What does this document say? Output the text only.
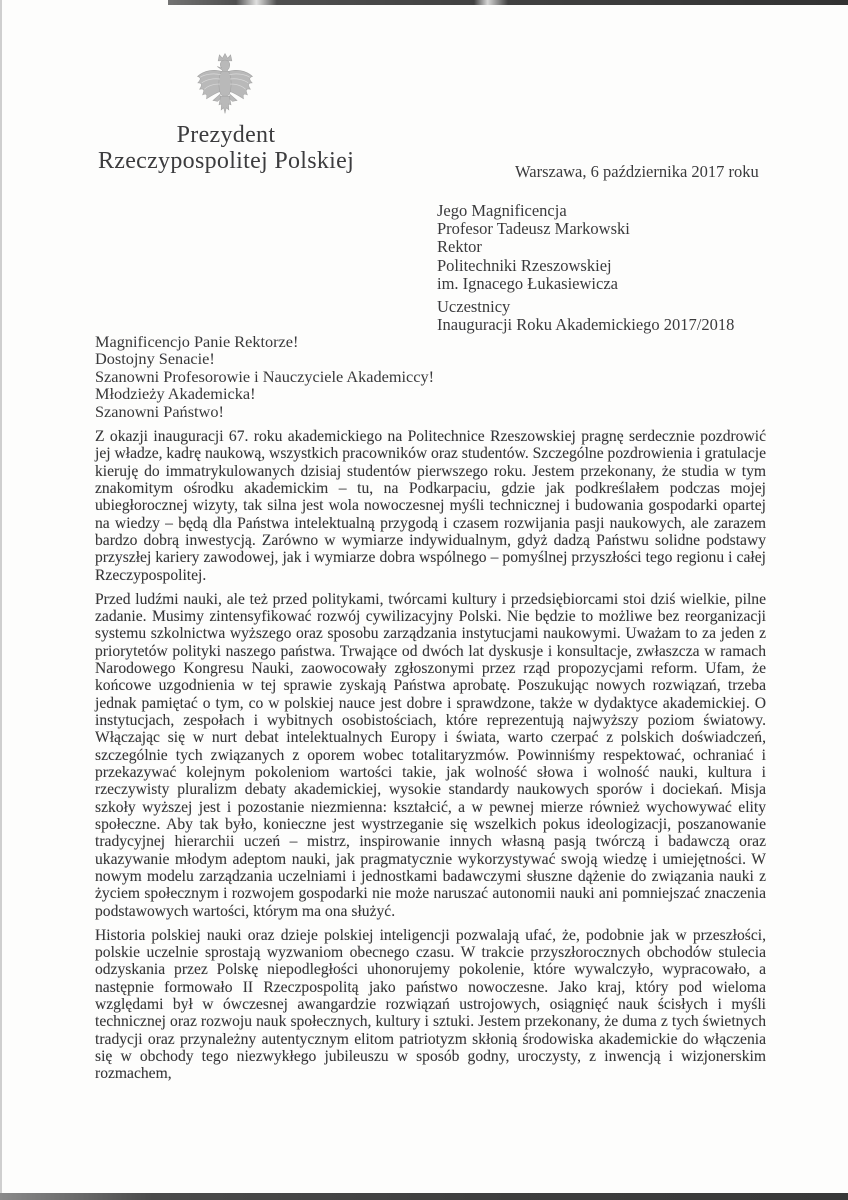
Prezydent
Rzeczypospolitej Polskiej	Warszawa, 6 października 2017 roku
Jego Magnificencja
Profesor Tadeusz Markowski
Rektor
Politechniki Rzeszowskiej
im. Ignacego Łukasiewicza
Uczestnicy
Inauguracji Roku Akademickiego 2017/2018
Magnificencjo Panie Rektorze!
Dostojny Senacie!
Szanowni Profesorowie i Nauczyciele Akademiccy!
Młodzieży Akademicka!
Szanowni Państwo!

Z okazji inauguracji 67. roku akademickiego na Politechnice Rzeszowskiej pragnę serdecznie pozdrowić jej władze, kadrę naukową, wszystkich pracowników oraz studentów. Szczególne pozdrowienia i gratulacje kieruję do immatrykulowanych dzisiaj studentów pierwszego roku. Jestem przekonany, że studia w tym znakomitym ośrodku akademickim – tu, na Podkarpaciu, gdzie jak podkreślałem podczas mojej ubiegłorocznej wizyty, tak silna jest wola nowoczesnej myśli technicznej i budowania gospodarki opartej na wiedzy – będą dla Państwa intelektualną przygodą i czasem rozwijania pasji naukowych, ale zarazem bardzo dobrą inwestycją. Zarówno w wymiarze indywidualnym, gdyż dadzą Państwu solidne podstawy przyszłej kariery zawodowej, jak i wymiarze dobra wspólnego – pomyślnej przyszłości tego regionu i całej Rzeczypospolitej.

Przed ludźmi nauki, ale też przed politykami, twórcami kultury i przedsiębiorcami stoi dziś wielkie, pilne zadanie. Musimy zintensyfikować rozwój cywilizacyjny Polski. Nie będzie to możliwe bez reorganizacji systemu szkolnictwa wyższego oraz sposobu zarządzania instytucjami naukowymi. Uważam to za jeden z priorytetów polityki naszego państwa. Trwające od dwóch lat dyskusje i konsultacje, zwłaszcza w ramach Narodowego Kongresu Nauki, zaowocowały zgłoszonymi przez rząd propozycjami reform. Ufam, że końcowe uzgodnienia w tej sprawie zyskają Państwa aprobatę. Poszukując nowych rozwiązań, trzeba jednak pamiętać o tym, co w polskiej nauce jest dobre i sprawdzone, także w dydaktyce akademickiej. O instytucjach, zespołach i wybitnych osobistościach, które reprezentują najwyższy poziom światowy. Włączając się w nurt debat intelektualnych Europy i świata, warto czerpać z polskich doświadczeń, szczególnie tych związanych z oporem wobec totalitaryzmów. Powinniśmy respektować, ochraniać i przekazywać kolejnym pokoleniom wartości takie, jak wolność słowa i wolność nauki, kultura i rzeczywisty pluralizm debaty akademickiej, wysokie standardy naukowych sporów i dociekań. Misja szkoły wyższej jest i pozostanie niezmienna: kształcić, a w pewnej mierze również wychowywać elity społeczne. Aby tak było, konieczne jest wystrzeganie się wszelkich pokus ideologizacji, poszanowanie tradycyjnej hierarchii uczeń – mistrz, inspirowanie innych własną pasją twórczą i badawczą oraz ukazywanie młodym adeptom nauki, jak pragmatycznie wykorzystywać swoją wiedzę i umiejętności. W nowym modelu zarządzania uczelniami i jednostkami badawczymi słuszne dążenie do związania nauki z życiem społecznym i rozwojem gospodarki nie może naruszać autonomii nauki ani pomniejszać znaczenia podstawowych wartości, którym ma ona służyć.

Historia polskiej nauki oraz dzieje polskiej inteligencji pozwalają ufać, że, podobnie jak w przeszłości, polskie uczelnie sprostają wyzwaniom obecnego czasu. W trakcie przyszłorocznych obchodów stulecia odzyskania przez Polskę niepodległości uhonorujemy pokolenie, które wywalczyło, wypracowało, a następnie formowało II Rzeczpospolitą jako państwo nowoczesne. Jako kraj, który pod wieloma względami był w ówczesnej awangardzie rozwiązań ustrojowych, osiągnięć nauk ścisłych i myśli technicznej oraz rozwoju nauk społecznych, kultury i sztuki. Jestem przekonany, że duma z tych świetnych tradycji oraz przynależny autentycznym elitom patriotyzm skłonią środowiska akademickie do włączenia się w obchody tego niezwykłego jubileuszu w sposób godny, uroczysty, z inwencją i wizjonerskim rozmachem,
